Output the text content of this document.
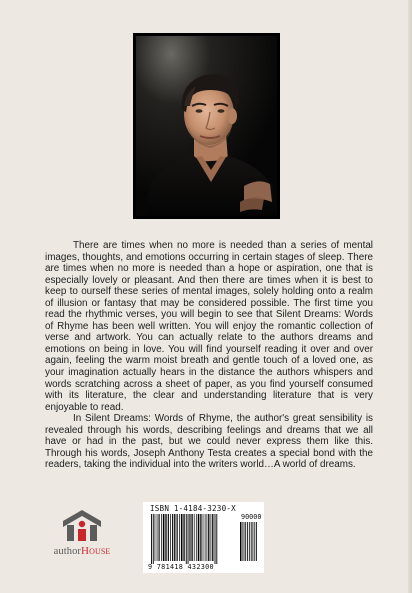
There are times when no more is needed than a series of mental images, thoughts, and emotions occurring in certain stages of sleep. There are times when no more is needed than a hope or aspiration, one that is especially lovely or pleasant. And then there are times when it is best to keep to ourself these series of mental images, solely holding onto a realm of illusion or fantasy that may be considered possible. The first time you read the rhythmic verses, you will begin to see that Silent Dreams: Words of Rhyme has been well written. You will enjoy the romantic collection of verse and artwork. You can actually relate to the authors dreams and emotions on being in love. You will find yourself reading it over and over again, feeling the warm moist breath and gentle touch of a loved one, as your imagination actually hears in the distance the authors whispers and words scratching across a sheet of paper, as you find yourself consumed with its literature, the clear and understanding literature that is very enjoyable to read.

In Silent Dreams: Words of Rhyme, the author's great sensibility is revealed through his words, describing feelings and dreams that we all have or had in the past, but we could never express them like this. Through his words, Joseph Anthony Testa creates a special bond with the readers, taking the individual into the writers world…A world of dreams.

authorHouse
ISBN 1-4184-3230-X
90000
9 781418 432300
